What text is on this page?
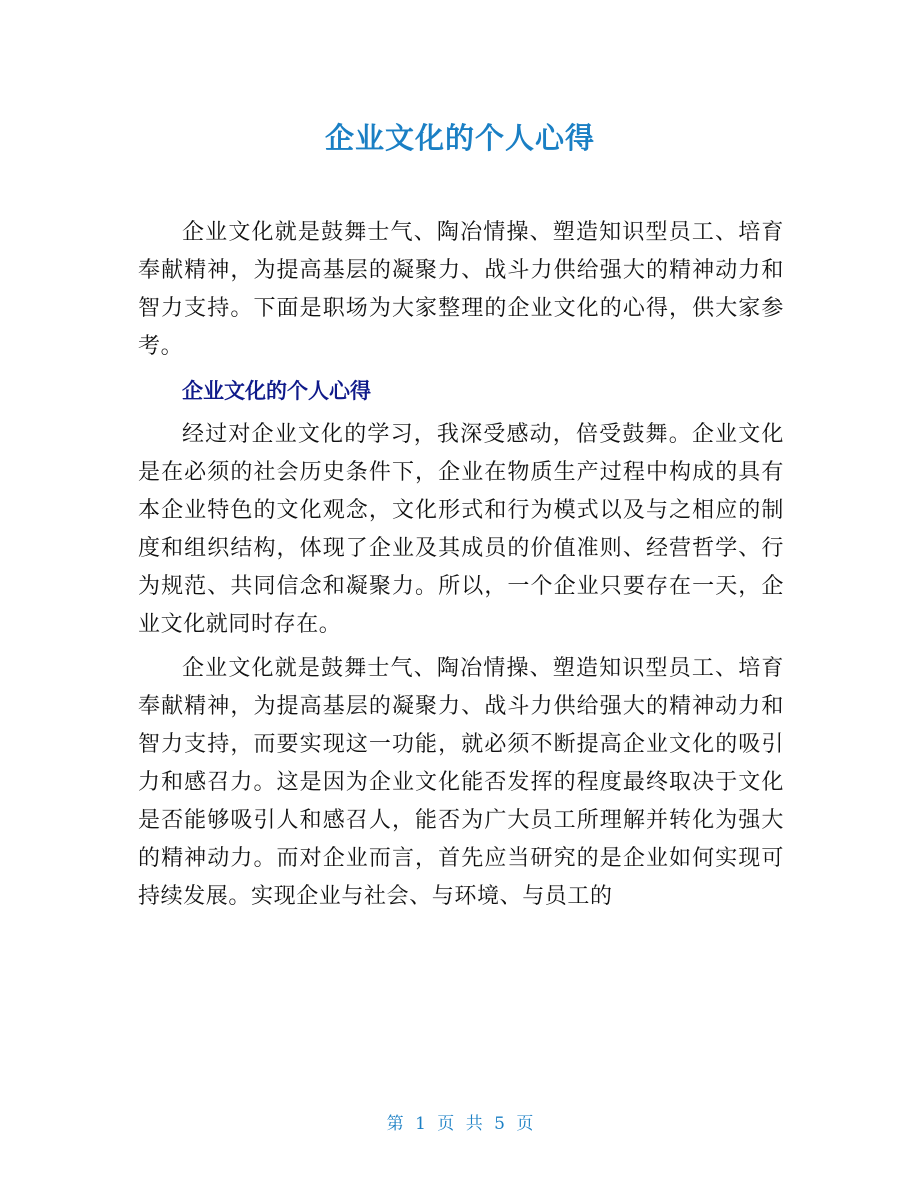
企业文化的个人心得

企业文化就是鼓舞士气、陶冶情操、塑造知识型员工、培育奉献精神，为提高基层的凝聚力、战斗力供给强大的精神动力和智力支持。下面是职场为大家整理的企业文化的心得，供大家参考。

企业文化的个人心得

经过对企业文化的学习，我深受感动，倍受鼓舞。企业文化是在必须的社会历史条件下，企业在物质生产过程中构成的具有本企业特色的文化观念，文化形式和行为模式以及与之相应的制度和组织结构，体现了企业及其成员的价值准则、经营哲学、行为规范、共同信念和凝聚力。所以，一个企业只要存在一天，企业文化就同时存在。

企业文化就是鼓舞士气、陶冶情操、塑造知识型员工、培育奉献精神，为提高基层的凝聚力、战斗力供给强大的精神动力和智力支持，而要实现这一功能，就必须不断提高企业文化的吸引力和感召力。这是因为企业文化能否发挥的程度最终取决于文化是否能够吸引人和感召人，能否为广大员工所理解并转化为强大的精神动力。而对企业而言，首先应当研究的是企业如何实现可持续发展。实现企业与社会、与环境、与员工的

第 1 页 共 5 页
